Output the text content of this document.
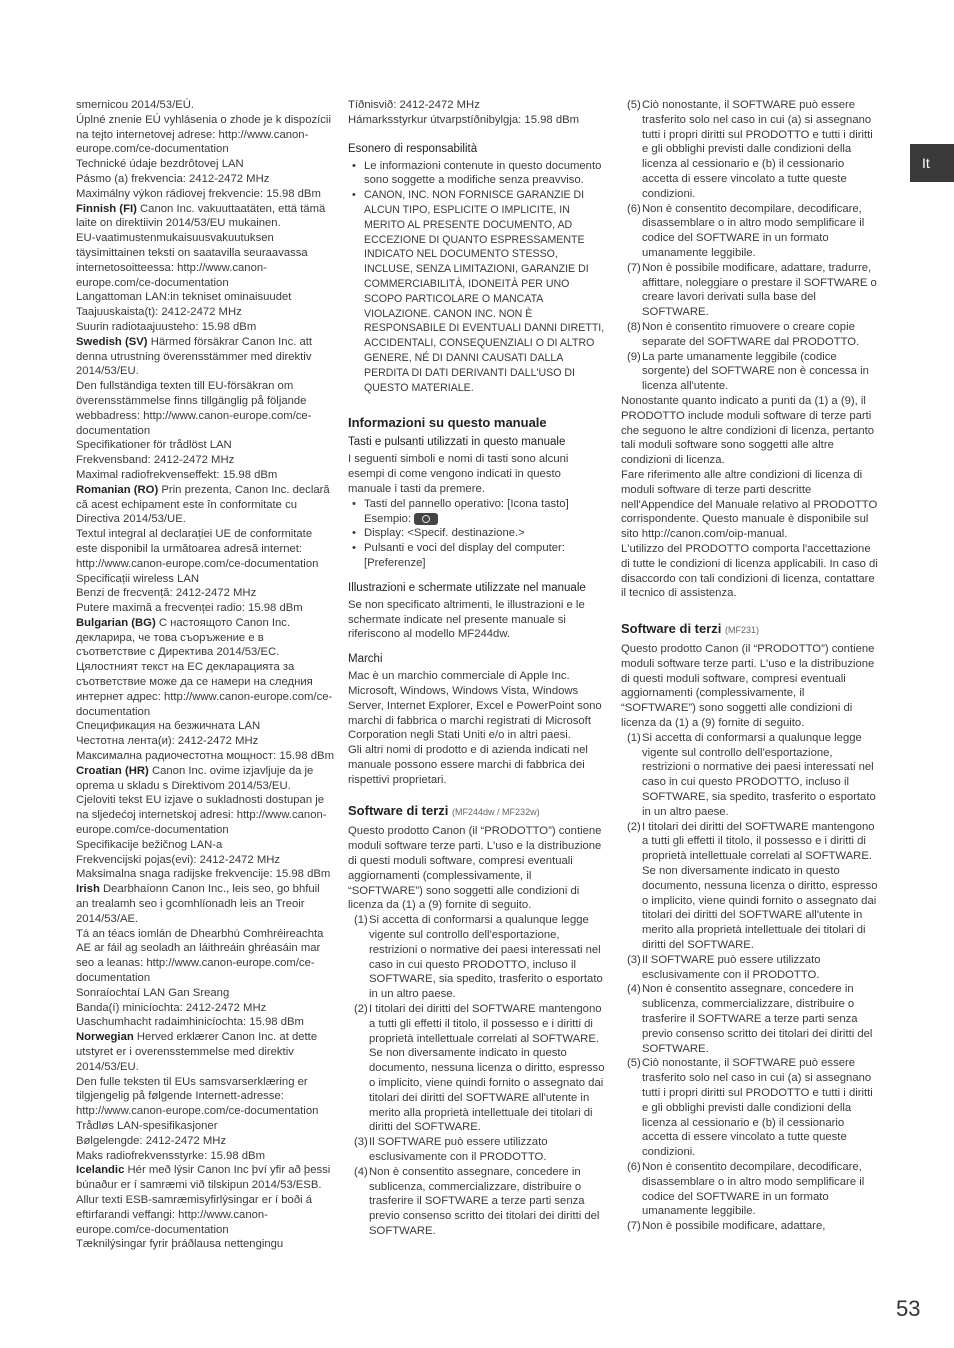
smernicou 2014/53/EÚ.

Úplné znenie EÚ vyhlásenia o zhode je k dispozícii na tejto internetovej adrese: http://www.canon-europe.com/ce-documentation

Technické údaje bezdrôtovej LAN

Pásmo (a) frekvencia: 2412-2472 MHz

Maximálny výkon rádiovej frekvencie: 15.98 dBm

Finnish (FI) Canon Inc. vakuuttaatäten, että tämä laite on direktiivin 2014/53/EU mukainen.

EU-vaatimustenmukaisuusvakuutuksen täysimittainen teksti on saatavilla seuraavassa internetosoitteessa: http://www.canon-europe.com/ce-documentation

Langattoman LAN:in tekniset ominaisuudet

Taajuuskaista(t): 2412-2472 MHz

Suurin radiotaajuusteho: 15.98 dBm

Swedish (SV) Härmed försäkrar Canon Inc. att denna utrustning överensstämmer med direktiv 2014/53/EU.

Den fullständiga texten till EU-försäkran om överensstämmelse finns tillgänglig på följande webbadress: http://www.canon-europe.com/ce-documentation

Specifikationer för trådlöst LAN

Frekvensband: 2412-2472 MHz

Maximal radiofrekvenseffekt: 15.98 dBm

Romanian (RO) Prin prezenta, Canon Inc. declară că acest echipament este în conformitate cu Directiva 2014/53/UE.

Textul integral al declarației UE de conformitate este disponibil la următoarea adresă internet: http://www.canon-europe.com/ce-documentation

Specificații wireless LAN

Benzi de frecvență: 2412-2472 MHz

Putere maximă a frecvenței radio: 15.98 dBm

Bulgarian (BG) С настоящото Canon Inc. декларира, че това съоръжение е в съответствие с Директива 2014/53/ЕС.

Цялостният текст на ЕС декларацията за съответствие може да се намери на следния интернет адрес: http://www.canon-europe.com/ce-documentation

Спецификация на безжичната LAN

Честотна лента(и): 2412-2472 MHz

Максимална радиочестотна мощност: 15.98 dBm

Croatian (HR) Canon Inc. ovime izjavljuje da je oprema u skladu s Direktivom 2014/53/EU.

Cjeloviti tekst EU izjave o sukladnosti dostupan je na sljedećoj internetskoj adresi: http://www.canon-europe.com/ce-documentation

Specifikacije bežičnog LAN-a

Frekvencijski pojas(evi): 2412-2472 MHz

Maksimalna snaga radijske frekvencije: 15.98 dBm

Irish Dearbhaíonn Canon Inc., leis seo, go bhfuil an trealamh seo i gcomhlíonadh leis an Treoir 2014/53/AE.

Tá an téacs iomlán de Dhearbhú Comhréireachta AE ar fáil ag seoladh an láithreáin ghréasáin mar seo a leanas: http://www.canon-europe.com/ce-documentation

Sonraíochtaí LAN Gan Sreang

Banda(í) minicíochta: 2412-2472 MHz

Uaschumhacht radaimhinicíochta: 15.98 dBm

Norwegian Herved erklærer Canon Inc. at dette utstyret er i overensstemmelse med direktiv 2014/53/EU.

Den fulle teksten til EUs samsvarserklæring er tilgjengelig på følgende Internett-adresse: http://www.canon-europe.com/ce-documentation

Trådløs LAN-spesifikasjoner

Bølgelengde: 2412-2472 MHz

Maks radiofrekvensstyrke: 15.98 dBm

Icelandic Hér með lýsir Canon Inc því yfir að þessi búnaður er í samræmi við tilskipun 2014/53/ESB.

Allur texti ESB-samræmisyfirlýsingar er í boði á eftirfarandi veffangi: http://www.canon-europe.com/ce-documentation

Tæknilýsingar fyrir þráðlausa nettengingu

Tíðnisvið: 2412-2472 MHz

Hámarksstyrkur útvarpstíðnibylgja: 15.98 dBm

Esonero di responsabilità

• Le informazioni contenute in questo documento sono soggette a modifiche senza preavviso.

• CANON, INC. NON FORNISCE GARANZIE DI ALCUN TIPO, ESPLICITE O IMPLICITE, IN MERITO AL PRESENTE DOCUMENTO, AD ECCEZIONE DI QUANTO ESPRESSAMENTE INDICATO NEL DOCUMENTO STESSO, INCLUSE, SENZA LIMITAZIONI, GARANZIE DI COMMERCIABILITÀ, IDONEITÀ PER UNO SCOPO PARTICOLARE O MANCATA VIOLAZIONE. CANON INC. NON È RESPONSABILE DI EVENTUALI DANNI DIRETTI, ACCIDENTALI, CONSEQUENZIALI O DI ALTRO GENERE, NÉ DI DANNI CAUSATI DALLA PERDITA DI DATI DERIVANTI DALL'USO DI QUESTO MATERIALE.

Informazioni su questo manuale
Tasti e pulsanti utilizzati in questo manuale

I seguenti simboli e nomi di tasti sono alcuni esempi di come vengono indicati in questo manuale i tasti da premere.

• Tasti del pannello operativo: [Icona tasto]
Esempio:

• Display: <Specif. destinazione.>

• Pulsanti e voci del display del computer: [Preferenze]

Illustrazioni e schermate utilizzate nel manuale

Se non specificato altrimenti, le illustrazioni e le schermate indicate nel presente manuale si riferiscono al modello MF244dw.

Marchi

Mac è un marchio commerciale di Apple Inc.

Microsoft, Windows, Windows Vista, Windows Server, Internet Explorer, Excel e PowerPoint sono marchi di fabbrica o marchi registrati di Microsoft Corporation negli Stati Uniti e/o in altri paesi.

Gli altri nomi di prodotto e di azienda indicati nel manuale possono essere marchi di fabbrica dei rispettivi proprietari.

Software di terzi (MF244dw / MF232w)

Questo prodotto Canon (il “PRODOTTO”) contiene moduli software terze parti. L'uso e la distribuzione di questi moduli software, compresi eventuali aggiornamenti (complessivamente, il “SOFTWARE”) sono soggetti alle condizioni di licenza da (1) a (9) fornite di seguito.

(1) Si accetta di conformarsi a qualunque legge vigente sul controllo dell'esportazione, restrizioni o normative dei paesi interessati nel caso in cui questo PRODOTTO, incluso il SOFTWARE, sia spedito, trasferito o esportato in un altro paese.
(2) I titolari dei diritti del SOFTWARE mantengono a tutti gli effetti il titolo, il possesso e i diritti di proprietà intellettuale correlati al SOFTWARE. Se non diversamente indicato in questo documento, nessuna licenza o diritto, espresso o implicito, viene quindi fornito o assegnato dai titolari dei diritti del SOFTWARE all'utente in merito alla proprietà intellettuale dei titolari di diritti del SOFTWARE.
(3) Il SOFTWARE può essere utilizzato esclusivamente con il PRODOTTO.
(4) Non è consentito assegnare, concedere in sublicenza, commercializzare, distribuire o trasferire il SOFTWARE a terze parti senza previo consenso scritto dei titolari dei diritti del SOFTWARE.
(5) Ciò nonostante, il SOFTWARE può essere trasferito solo nel caso in cui (a) si assegnano tutti i propri diritti sul PRODOTTO e tutti i diritti e gli obblighi previsti dalle condizioni della licenza al cessionario e (b) il cessionario accetta di essere vincolato a tutte queste condizioni.
(6) Non è consentito decompilare, decodificare, disassemblare o in altro modo semplificare il codice del SOFTWARE in un formato umanamente leggibile.
(7) Non è possibile modificare, adattare, tradurre, affittare, noleggiare o prestare il SOFTWARE o creare lavori derivati sulla base del SOFTWARE.
(8) Non è consentito rimuovere o creare copie separate del SOFTWARE dal PRODOTTO.
(9) La parte umanamente leggibile (codice sorgente) del SOFTWARE non è concessa in licenza all'utente.

Nonostante quanto indicato a punti da (1) a (9), il PRODOTTO include moduli software di terze parti che seguono le altre condizioni di licenza, pertanto tali moduli software sono soggetti alle altre condizioni di licenza.

Fare riferimento alle altre condizioni di licenza di moduli software di terze parti descritte nell'Appendice del Manuale relativo al PRODOTTO corrispondente. Questo manuale è disponibile sul sito http://canon.com/oip-manual.

L'utilizzo del PRODOTTO comporta l'accettazione di tutte le condizioni di licenza applicabili. In caso di disaccordo con tali condizioni di licenza, contattare il tecnico di assistenza.

Software di terzi (MF231)

Questo prodotto Canon (il “PRODOTTO”) contiene moduli software terze parti. L'uso e la distribuzione di questi moduli software, compresi eventuali aggiornamenti (complessivamente, il “SOFTWARE”) sono soggetti alle condizioni di licenza da (1) a (9) fornite di seguito.

(1) Si accetta di conformarsi a qualunque legge vigente sul controllo dell'esportazione, restrizioni o normative dei paesi interessati nel caso in cui questo PRODOTTO, incluso il SOFTWARE, sia spedito, trasferito o esportato in un altro paese.
(2) I titolari dei diritti del SOFTWARE mantengono a tutti gli effetti il titolo, il possesso e i diritti di proprietà intellettuale correlati al SOFTWARE. Se non diversamente indicato in questo documento, nessuna licenza o diritto, espresso o implicito, viene quindi fornito o assegnato dai titolari dei diritti del SOFTWARE all'utente in merito alla proprietà intellettuale dei titolari di diritti del SOFTWARE.
(3) Il SOFTWARE può essere utilizzato esclusivamente con il PRODOTTO.
(4) Non è consentito assegnare, concedere in sublicenza, commercializzare, distribuire o trasferire il SOFTWARE a terze parti senza previo consenso scritto dei titolari dei diritti del SOFTWARE.
(5) Ciò nonostante, il SOFTWARE può essere trasferito solo nel caso in cui (a) si assegnano tutti i propri diritti sul PRODOTTO e tutti i diritti e gli obblighi previsti dalle condizioni della licenza al cessionario e (b) il cessionario accetta di essere vincolato a tutte queste condizioni.
(6) Non è consentito decompilare, decodificare, disassemblare o in altro modo semplificare il codice del SOFTWARE in un formato umanamente leggibile.
(7) Non è possibile modificare, adattare,
It
53
